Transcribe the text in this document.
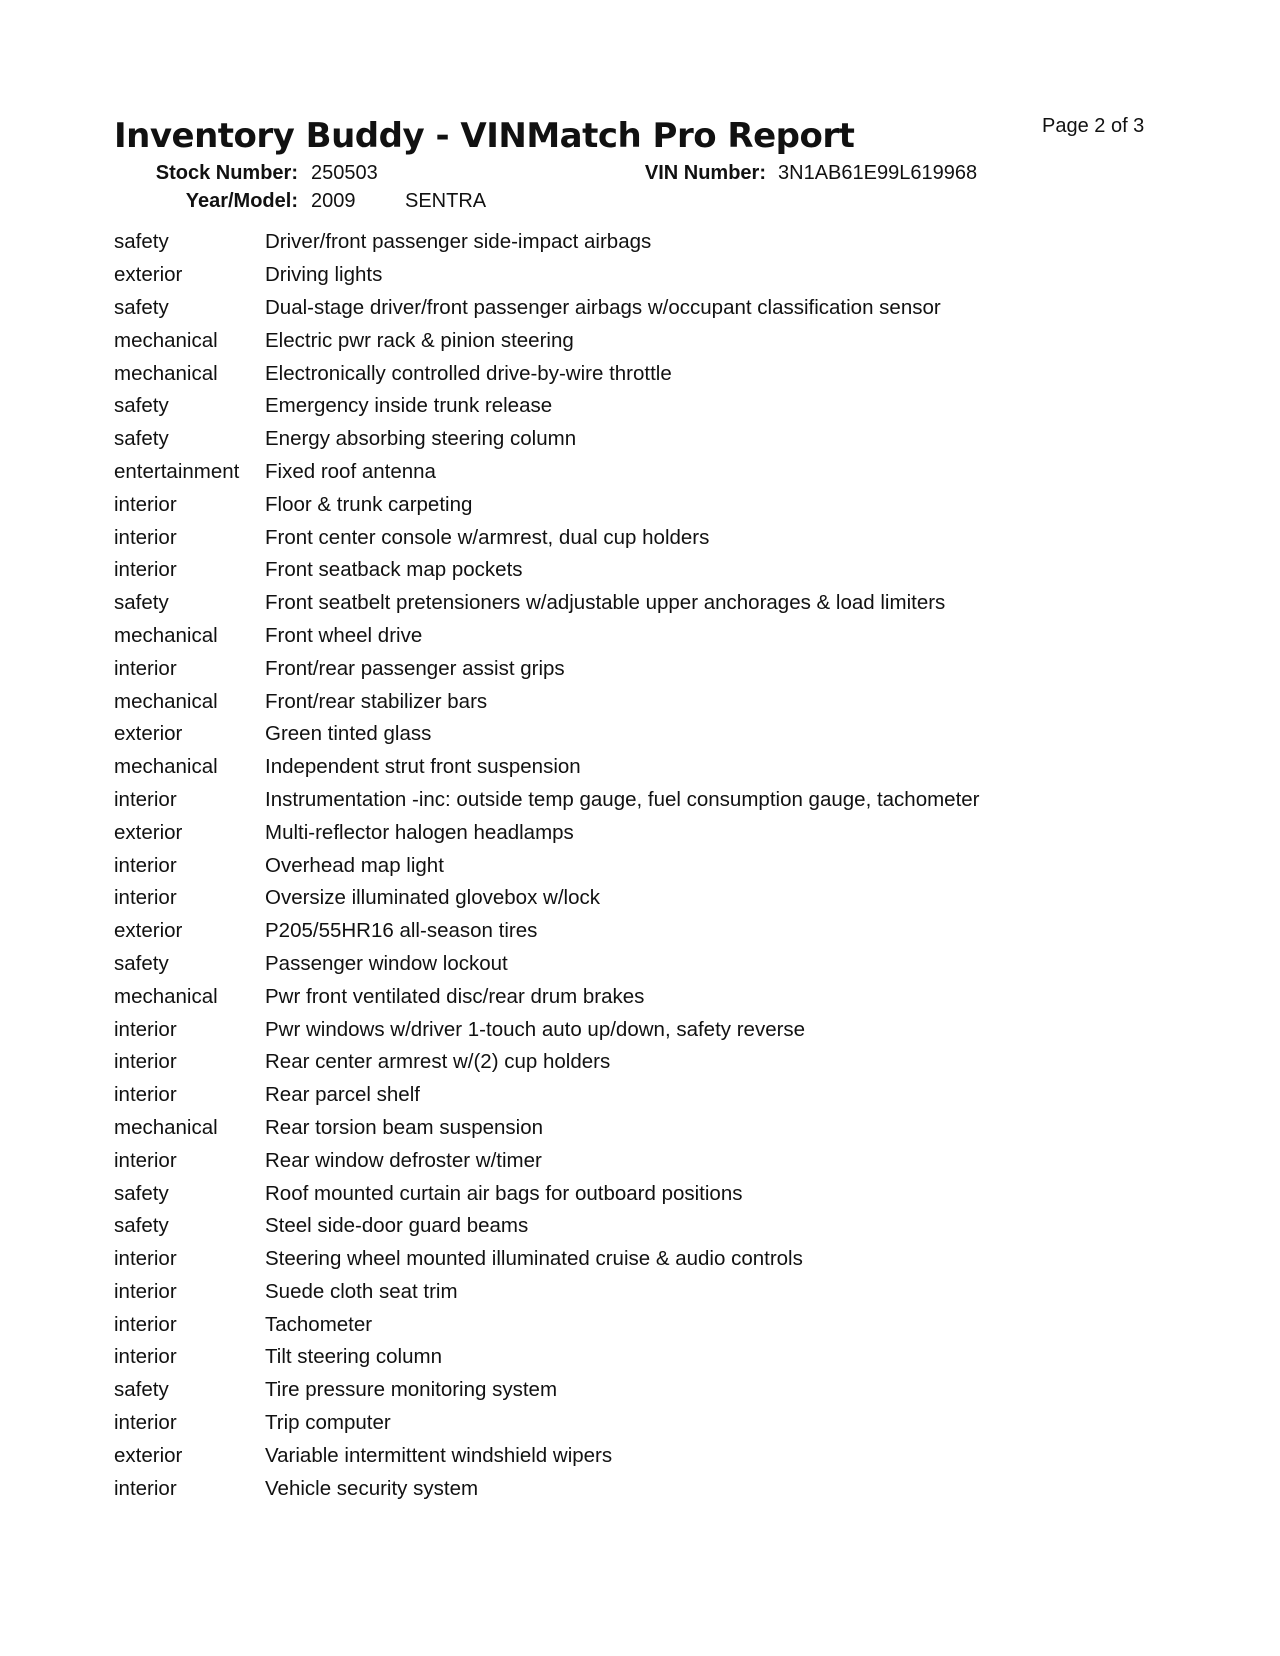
Inventory Buddy - VINMatch Pro Report	Page 2 of 3
Stock Number: 250503	VIN Number: 3N1AB61E99L619968
Year/Model: 2009 SENTRA
safety	Driver/front passenger side-impact airbags
exterior	Driving lights
safety	Dual-stage driver/front passenger airbags w/occupant classification sensor
mechanical	Electric pwr rack & pinion steering
mechanical	Electronically controlled drive-by-wire throttle
safety	Emergency inside trunk release
safety	Energy absorbing steering column
entertainment	Fixed roof antenna
interior	Floor & trunk carpeting
interior	Front center console w/armrest, dual cup holders
interior	Front seatback map pockets
safety	Front seatbelt pretensioners w/adjustable upper anchorages & load limiters
mechanical	Front wheel drive
interior	Front/rear passenger assist grips
mechanical	Front/rear stabilizer bars
exterior	Green tinted glass
mechanical	Independent strut front suspension
interior	Instrumentation -inc: outside temp gauge, fuel consumption gauge, tachometer
exterior	Multi-reflector halogen headlamps
interior	Overhead map light
interior	Oversize illuminated glovebox w/lock
exterior	P205/55HR16 all-season tires
safety	Passenger window lockout
mechanical	Pwr front ventilated disc/rear drum brakes
interior	Pwr windows w/driver 1-touch auto up/down, safety reverse
interior	Rear center armrest w/(2) cup holders
interior	Rear parcel shelf
mechanical	Rear torsion beam suspension
interior	Rear window defroster w/timer
safety	Roof mounted curtain air bags for outboard positions
safety	Steel side-door guard beams
interior	Steering wheel mounted illuminated cruise & audio controls
interior	Suede cloth seat trim
interior	Tachometer
interior	Tilt steering column
safety	Tire pressure monitoring system
interior	Trip computer
exterior	Variable intermittent windshield wipers
interior	Vehicle security system
